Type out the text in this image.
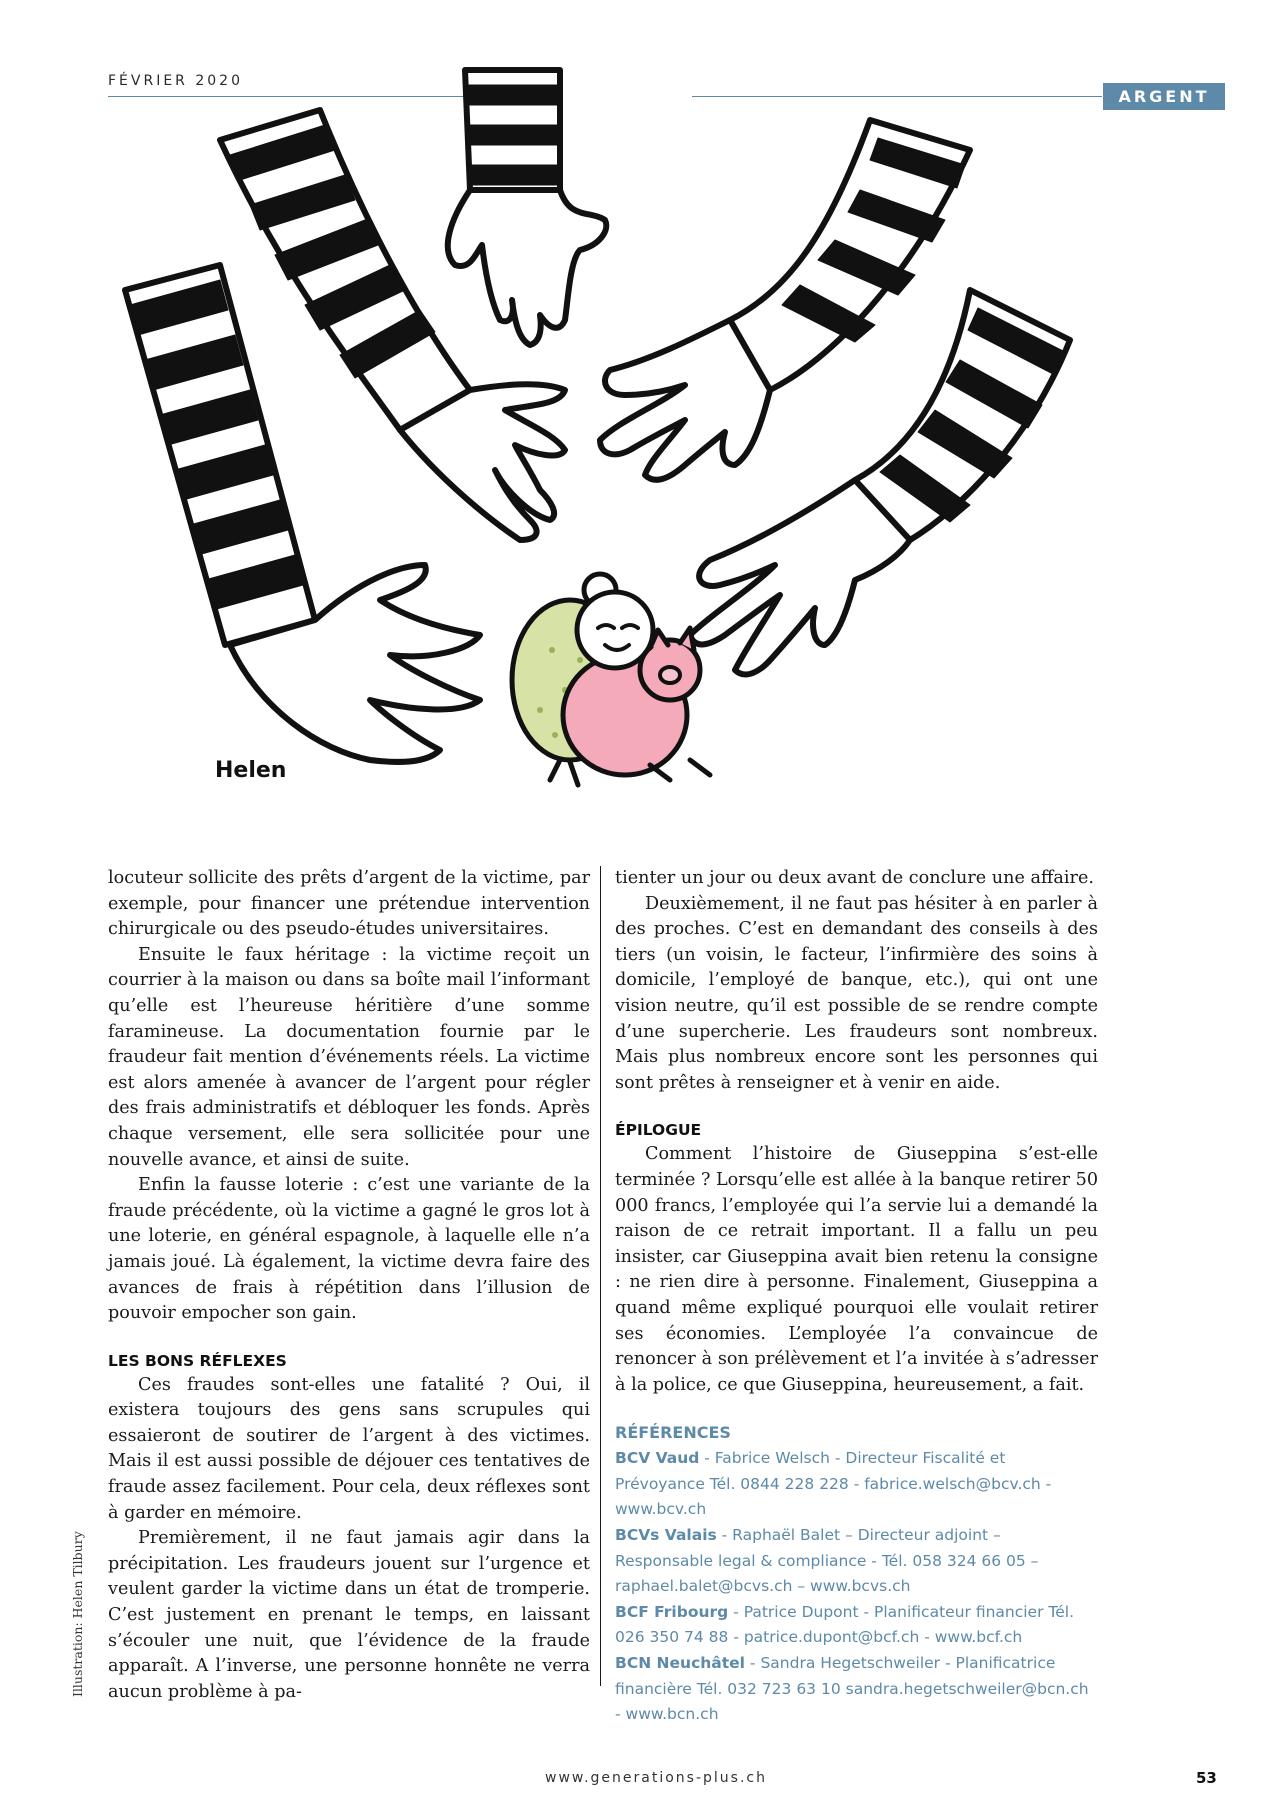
FÉVRIER 2020
ARGENT
Helen

locuteur sollicite des prêts d’argent de la victime, par exemple, pour financer une prétendue intervention chirurgicale ou des pseudo-études universitaires.

Ensuite le faux héritage : la victime reçoit un courrier à la maison ou dans sa boîte mail l’informant qu’elle est l’heureuse héritière d’une somme faramineuse. La documentation fournie par le fraudeur fait mention d’événements réels. La victime est alors amenée à avancer de l’argent pour régler des frais administratifs et débloquer les fonds. Après chaque versement, elle sera sollicitée pour une nouvelle avance, et ainsi de suite.

Enfin la fausse loterie : c’est une variante de la fraude précédente, où la victime a gagné le gros lot à une loterie, en général espagnole, à laquelle elle n’a jamais joué. Là également, la victime devra faire des avances de frais à répétition dans l’illusion de pouvoir empocher son gain.

LES BONS RÉFLEXES

Ces fraudes sont-elles une fatalité ? Oui, il existera toujours des gens sans scrupules qui essaieront de soutirer de l’argent à des victimes. Mais il est aussi possible de déjouer ces tentatives de fraude assez facilement. Pour cela, deux réflexes sont à garder en mémoire.

Premièrement, il ne faut jamais agir dans la précipitation. Les fraudeurs jouent sur l’urgence et veulent garder la victime dans un état de tromperie. C’est justement en prenant le temps, en laissant s’écouler une nuit, que l’évidence de la fraude apparaît. A l’inverse, une personne honnête ne verra aucun problème à pa-

tienter un jour ou deux avant de conclure une affaire.

Deuxièmement, il ne faut pas hésiter à en parler à des proches. C’est en demandant des conseils à des tiers (un voisin, le facteur, l’infirmière des soins à domicile, l’employé de banque, etc.), qui ont une vision neutre, qu’il est possible de se rendre compte d’une supercherie. Les fraudeurs sont nombreux. Mais plus nombreux encore sont les personnes qui sont prêtes à renseigner et à venir en aide.

ÉPILOGUE

Comment l’histoire de Giuseppina s’est-elle terminée ? Lorsqu’elle est allée à la banque retirer 50 000 francs, l’employée qui l’a servie lui a demandé la raison de ce retrait important. Il a fallu un peu insister, car Giuseppina avait bien retenu la consigne : ne rien dire à personne. Finalement, Giuseppina a quand même expliqué pourquoi elle voulait retirer ses économies. L’employée l’a convaincue de renoncer à son prélèvement et l’a invitée à s’adresser à la police, ce que Giuseppina, heureusement, a fait.

RÉFÉRENCES
BCV Vaud - Fabrice Welsch - Directeur Fiscalité et Prévoyance Tél. 0844 228 228 - fabrice.welsch@bcv.ch - www.bcv.ch
BCVs Valais - Raphaël Balet – Directeur adjoint – Responsable legal & compliance - Tél. 058 324 66 05 – raphael.balet@bcvs.ch – www.bcvs.ch
BCF Fribourg - Patrice Dupont - Planificateur financier Tél. 026 350 74 88 - patrice.dupont@bcf.ch - www.bcf.ch
BCN Neuchâtel - Sandra Hegetschweiler - Planificatrice financière Tél. 032 723 63 10 sandra.hegetschweiler@bcn.ch - www.bcn.ch
Illustration: Helen Tilbury
www.generations-plus.ch	53
